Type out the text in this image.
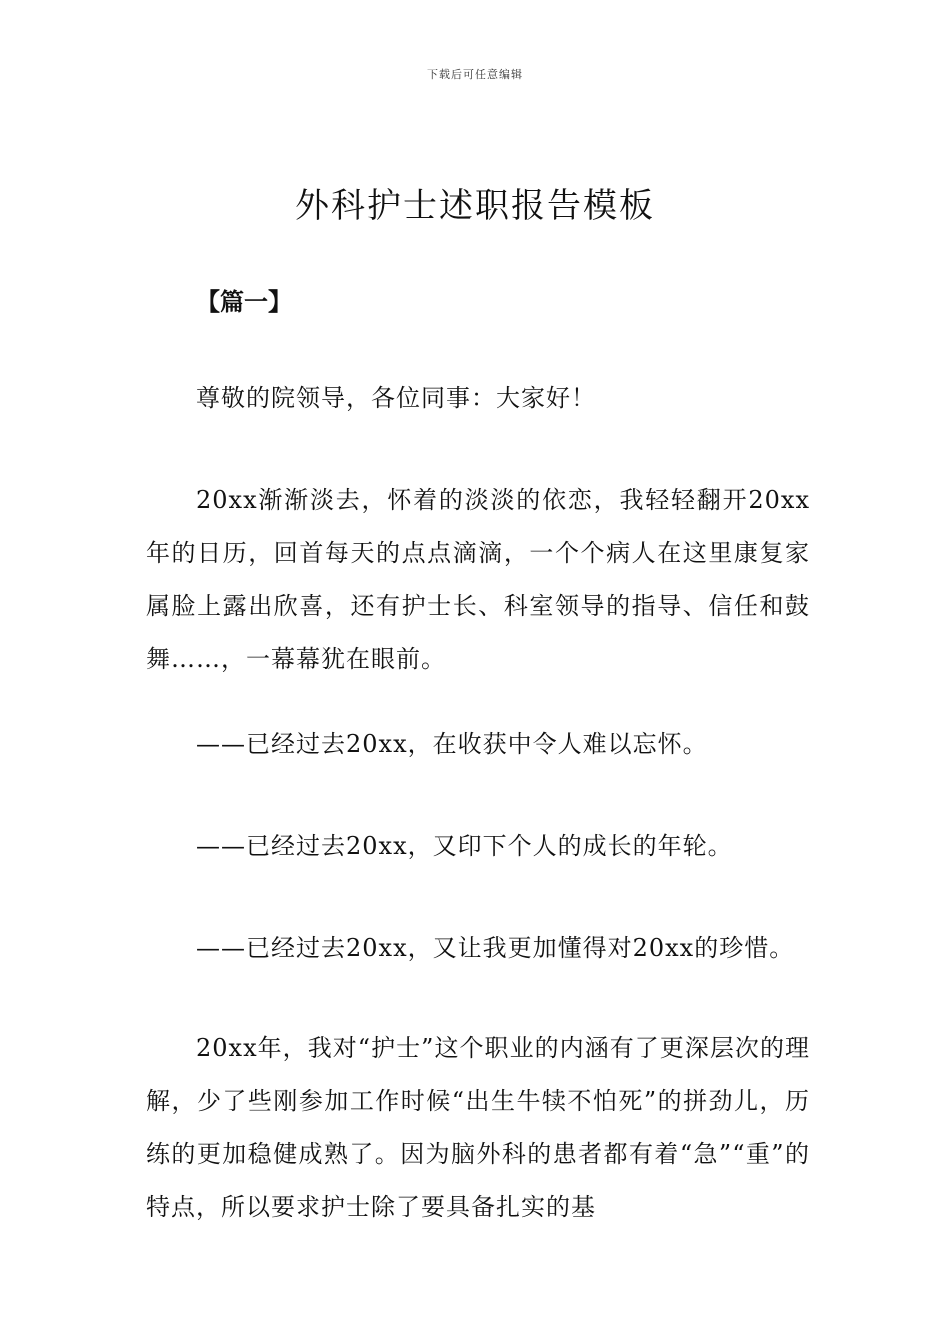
下载后可任意编辑
外科护士述职报告模板
【篇一】

尊敬的院领导，各位同事：大家好！

20xx渐渐淡去，怀着的淡淡的依恋，我轻轻翻开20xx年的日历，回首每天的点点滴滴，一个个病人在这里康复家属脸上露出欣喜，还有护士长、科室领导的指导、信任和鼓舞……，一幕幕犹在眼前。

——已经过去20xx，在收获中令人难以忘怀。

——已经过去20xx，又印下个人的成长的年轮。

——已经过去20xx，又让我更加懂得对20xx的珍惜。

20xx年，我对“护士”这个职业的内涵有了更深层次的理解，少了些刚参加工作时候“出生牛犊不怕死”的拼劲儿，历练的更加稳健成熟了。因为脑外科的患者都有着“急”“重”的特点，所以要求护士除了要具备扎实的基
